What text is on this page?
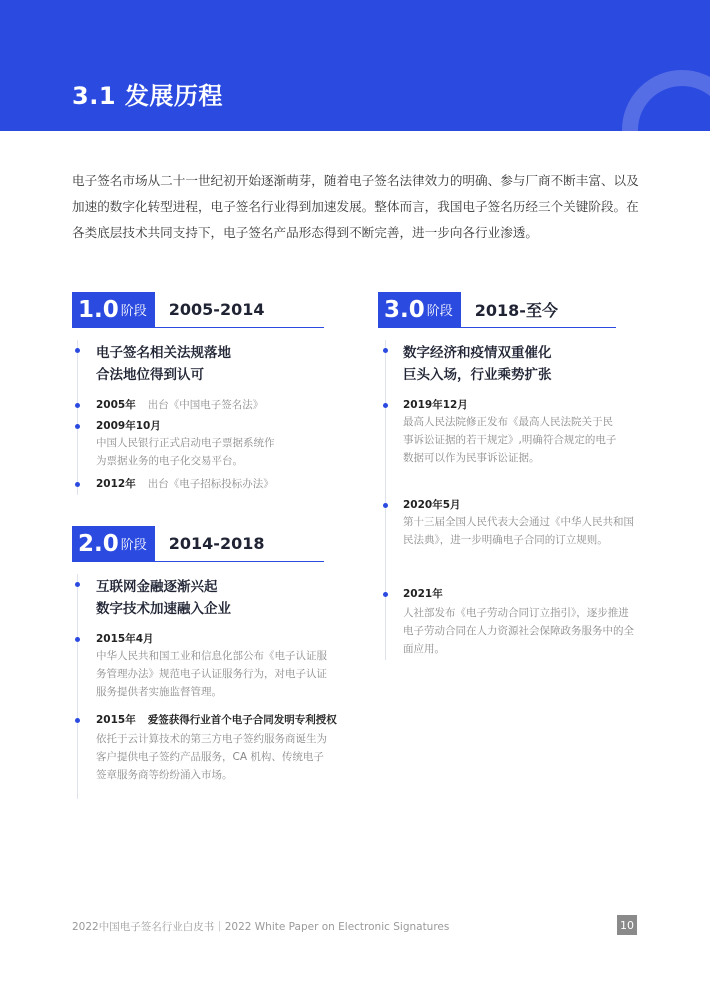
3.1 发展历程

电子签名市场从二十一世纪初开始逐渐萌芽，随着电子签名法律效力的明确、参与厂商不断丰富、以及加速的数字化转型进程，电子签名行业得到加速发展。整体而言，我国电子签名历经三个关键阶段。在各类底层技术共同支持下，电子签名产品形态得到不断完善，进一步向各行业渗透。

1.0 阶段 2005-2014
电子签名相关法规落地
合法地位得到认可
2005年 出台《中国电子签名法》
2009年10月

中国人民银行正式启动电子票据系统作为票据业务的电子化交易平台。

2012年 出台《电子招标投标办法》
2.0 阶段 2014-2018
互联网金融逐渐兴起
数字技术加速融入企业
2015年4月

中华人民共和国工业和信息化部公布《电子认证服务管理办法》规范电子认证服务行为，对电子认证服务提供者实施监督管理。

2015年 爱签获得行业首个电子合同发明专利授权

依托于云计算技术的第三方电子签约服务商诞生为客户提供电子签约产品服务，CA 机构、传统电子签章服务商等纷纷涌入市场。

3.0 阶段 2018-至今
数字经济和疫情双重催化
巨头入场，行业乘势扩张
2019年12月

最高人民法院修正发布《最高人民法院关于民事诉讼证据的若干规定》,明确符合规定的电子数据可以作为民事诉讼证据。

2020年5月

第十三届全国人民代表大会通过《中华人民共和国民法典》，进一步明确电子合同的订立规则。

2021年

人社部发布《电子劳动合同订立指引》，逐步推进电子劳动合同在人力资源社会保障政务服务中的全面应用。

2022中国电子签名行业白皮书｜2022 White Paper on Electronic Signatures	10
